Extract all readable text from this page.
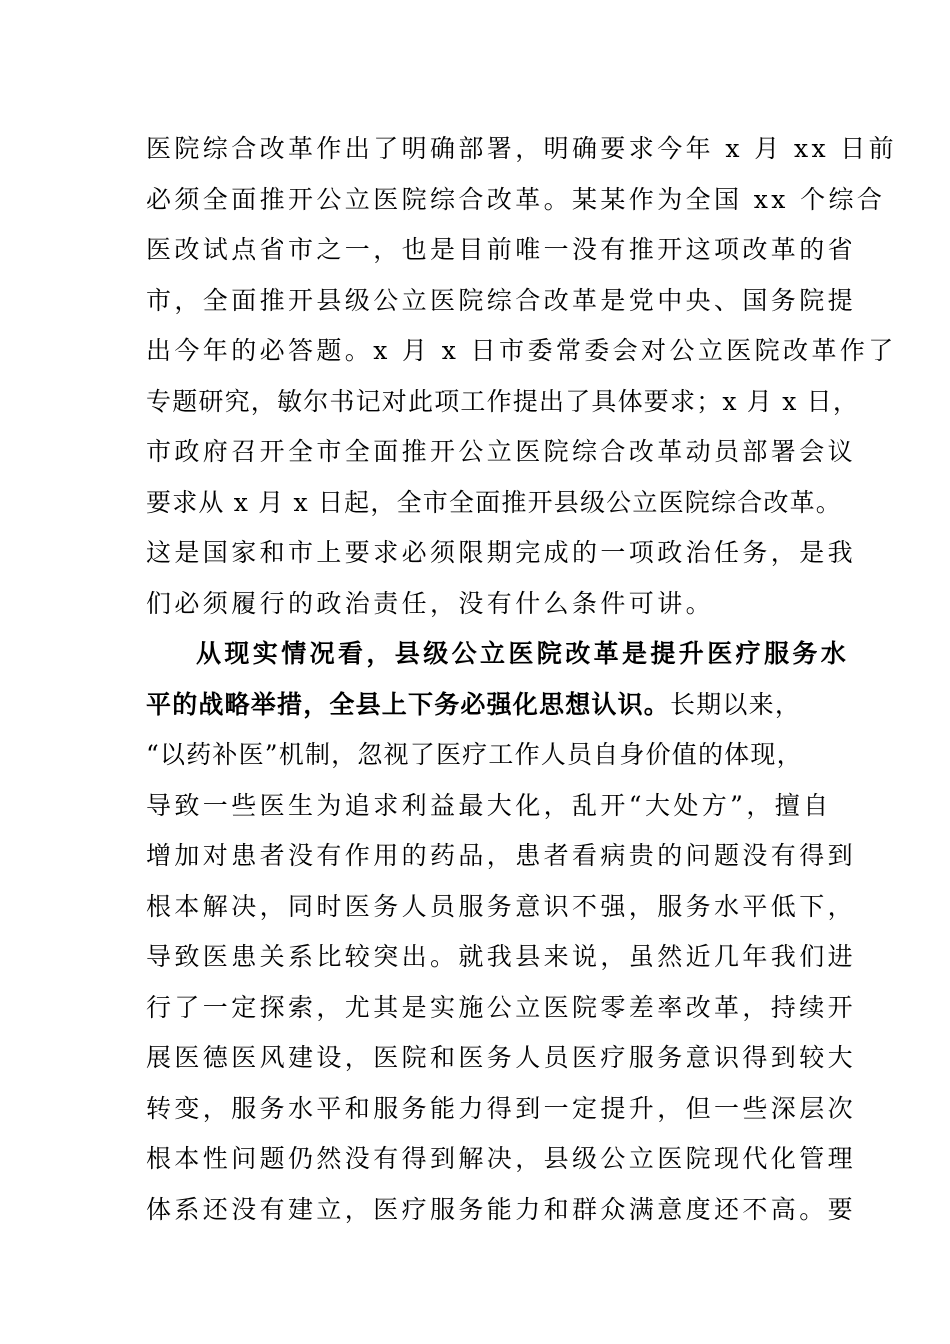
医院综合改革作出了明确部署，明确要求今年 x 月 xx 日前
必须全面推开公立医院综合改革。某某作为全国 xx 个综合
医改试点省市之一，也是目前唯一没有推开这项改革的省
市，全面推开县级公立医院综合改革是党中央、国务院提
出今年的必答题。x 月 x 日市委常委会对公立医院改革作了
专题研究，敏尔书记对此项工作提出了具体要求；x 月 x 日，
市政府召开全市全面推开公立医院综合改革动员部署会议
要求从 x 月 x 日起，全市全面推开县级公立医院综合改革。
这是国家和市上要求必须限期完成的一项政治任务，是我
们必须履行的政治责任，没有什么条件可讲。
从现实情况看，县级公立医院改革是提升医疗服务水
平的战略举措，全县上下务必强化思想认识。长期以来，
“以药补医”机制，忽视了医疗工作人员自身价值的体现，
导致一些医生为追求利益最大化，乱开“大处方”，擅自
增加对患者没有作用的药品，患者看病贵的问题没有得到
根本解决，同时医务人员服务意识不强，服务水平低下，
导致医患关系比较突出。就我县来说，虽然近几年我们进
行了一定探索，尤其是实施公立医院零差率改革，持续开
展医德医风建设，医院和医务人员医疗服务意识得到较大
转变，服务水平和服务能力得到一定提升，但一些深层次
根本性问题仍然没有得到解决，县级公立医院现代化管理
体系还没有建立，医疗服务能力和群众满意度还不高。要
